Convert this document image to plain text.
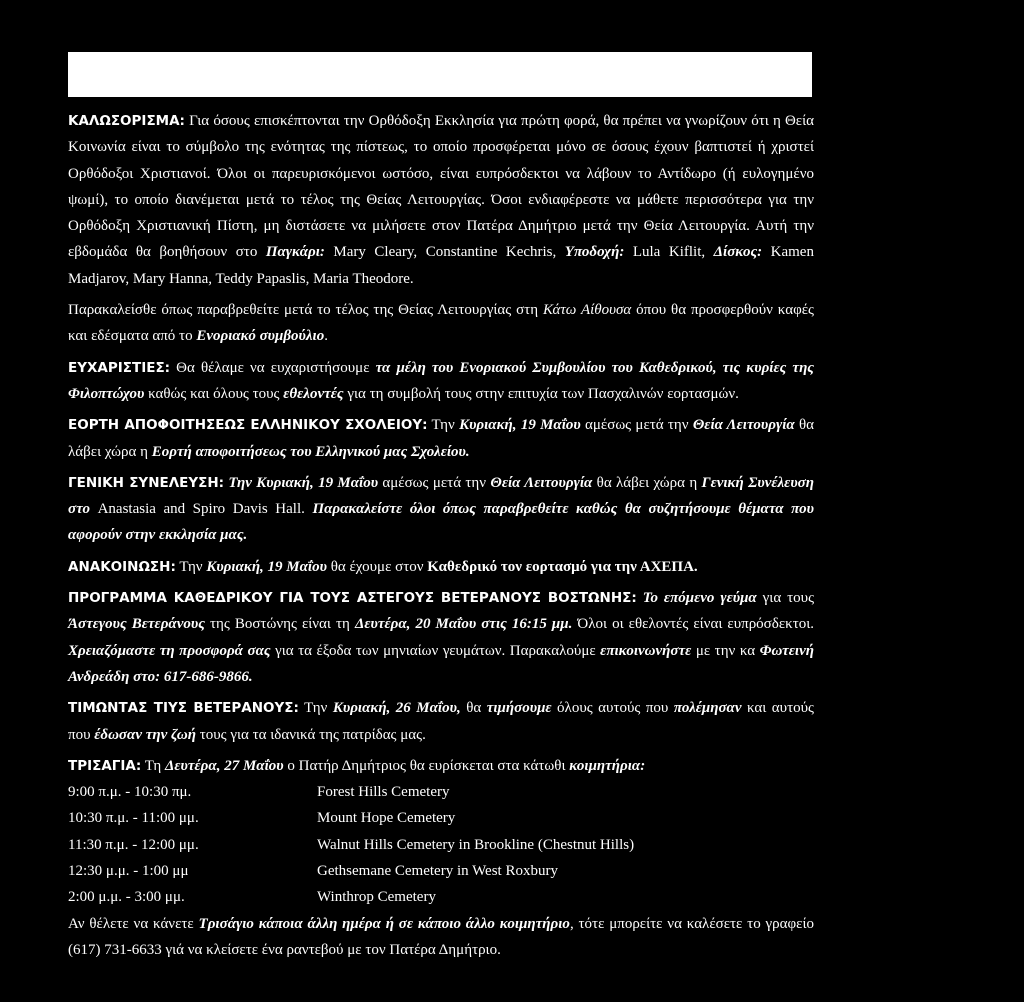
ΚΑΛΩΣΟΡΙΣΜΑ: Για όσους επισκέπτονται την Ορθόδοξη Εκκλησία για πρώτη φορά, θα πρέπει να γνωρίζουν ότι η Θεία Κοινωνία είναι το σύμβολο της ενότητας της πίστεως, το οποίο προσφέρεται μόνο σε όσους έχουν βαπτιστεί ή χριστεί Ορθόδοξοι Χριστιανοί. Όλοι οι παρευρισκόμενοι ωστόσο, είναι ευπρόσδεκτοι να λάβουν το Αντίδωρο (ή ευλογημένο ψωμί), το οποίο διανέμεται μετά το τέλος της Θείας Λειτουργίας. Όσοι ενδιαφέρεστε να μάθετε περισσότερα για την Ορθόδοξη Χριστιανική Πίστη, μη διστάσετε να μιλήσετε στον Πατέρα Δημήτριο μετά την Θεία Λειτουργία. Αυτή την εβδομάδα θα βοηθήσουν στο Παγκάρι: Mary Cleary, Constantine Kechris, Υποδοχή: Lula Kiflit, Δίσκος: Kamen Madjarov, Mary Hanna, Teddy Papaslis, Maria Theodore.

Παρακαλείσθε όπως παραβρεθείτε μετά το τέλος της Θείας Λειτουργίας στη Κάτω Αίθουσα όπου θα προσφερθούν καφές και εδέσματα από το Ενοριακό συμβούλιο.

ΕΥΧΑΡΙΣΤΙΕΣ: Θα θέλαμε να ευχαριστήσουμε τα μέλη του Ενοριακού Συμβουλίου του Καθεδρικού, τις κυρίες της Φιλοπτώχου καθώς και όλους τους εθελοντές για τη συμβολή τους στην επιτυχία των Πασχαλινών εορτασμών.

ΕΟΡΤΗ ΑΠΟΦΟΙΤΗΣΕΩΣ ΕΛΛΗΝΙΚΟΥ ΣΧΟΛΕΙΟΥ: Την Κυριακή, 19 Μαΐου αμέσως μετά την Θεία Λειτουργία θα λάβει χώρα η Εορτή αποφοιτήσεως του Ελληνικού μας Σχολείου.

ΓΕΝΙΚΗ ΣΥΝΕΛΕΥΣΗ: Την Κυριακή, 19 Μαΐου αμέσως μετά την Θεία Λειτουργία θα λάβει χώρα η Γενική Συνέλευση στο Anastasia and Spiro Davis Hall. Παρακαλείστε όλοι όπως παραβρεθείτε καθώς θα συζητήσουμε θέματα που αφορούν στην εκκλησία μας.

ΑΝΑΚΟΙΝΩΣΗ: Την Κυριακή, 19 Μαΐου θα έχουμε στον Καθεδρικό τον εορτασμό για την ΑΧΕΠΑ.

ΠΡΟΓΡΑΜΜΑ ΚΑΘΕΔΡΙΚΟΥ ΓΙΑ ΤΟΥΣ ΑΣΤΕΓΟΥΣ ΒΕΤΕΡΑΝΟΥΣ ΒΟΣΤΩΝΗΣ: Το επόμενο γεύμα για τους Άστεγους Βετεράνους της Βοστώνης είναι τη Δευτέρα, 20 Μαΐου στις 16:15 μμ. Όλοι οι εθελοντές είναι ευπρόσδεκτοι. Χρειαζόμαστε τη προσφορά σας για τα έξοδα των μηνιαίων γευμάτων. Παρακαλούμε επικοινωνήστε με την κα Φωτεινή Ανδρεάδη στο: 617-686-9866.

ΤΙΜΩΝΤΑΣ ΤΙΥΣ ΒΕΤΕΡΑΝΟΥΣ: Την Κυριακή, 26 Μαΐου, θα τιμήσουμε όλους αυτούς που πολέμησαν και αυτούς που έδωσαν την ζωή τους για τα ιδανικά της πατρίδας μας.

ΤΡΙΣΑΓΙΑ: Τη Δευτέρα, 27 Μαΐου ο Πατήρ Δημήτριος θα ευρίσκεται στα κάτωθι κοιμητήρια:

9:00 π.μ. - 10:30 πμ.	Forest Hills Cemetery
10:30 π.μ. - 11:00 μμ.	Mount Hope Cemetery
11:30 π.μ. - 12:00 μμ.	Walnut Hills Cemetery in Brookline (Chestnut Hills)
12:30 μ.μ. - 1:00 μμ	Gethsemane Cemetery in West Roxbury
2:00 μ.μ. - 3:00 μμ.	Winthrop Cemetery

Αν θέλετε να κάνετε Τρισάγιο κάποια άλλη ημέρα ή σε κάποιο άλλο κοιμητήριο, τότε μπορείτε να καλέσετε το γραφείο (617) 731-6633 γιά να κλείσετε ένα ραντεβού με τον Πατέρα Δημήτριο.
